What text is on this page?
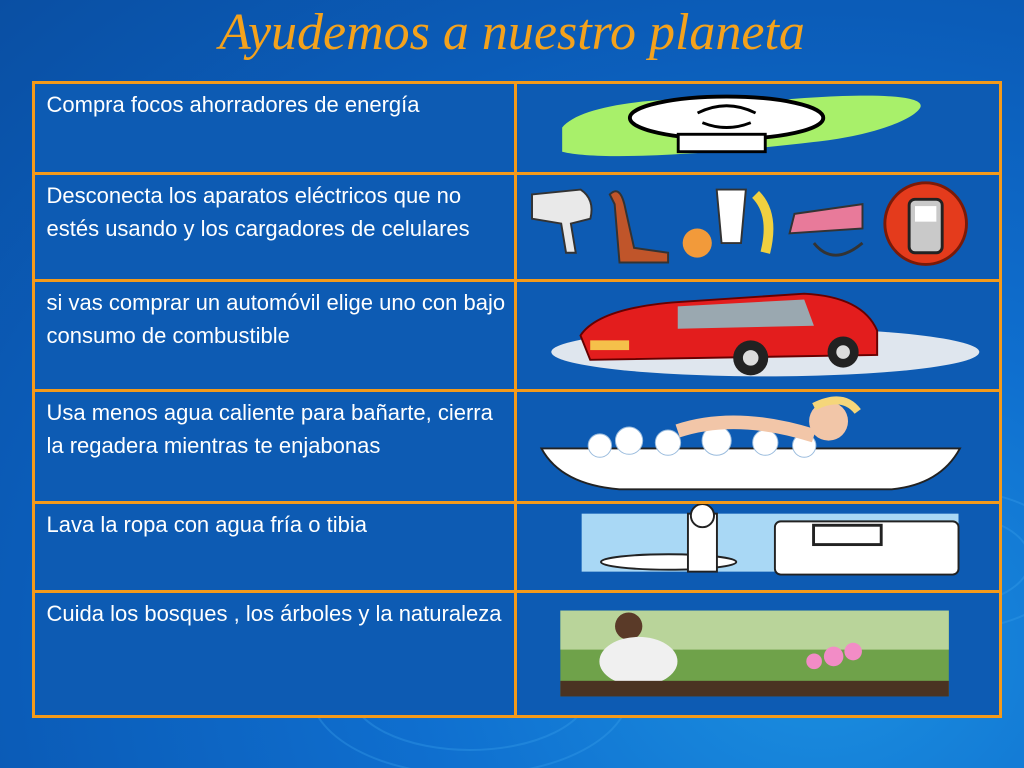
Ayudemos a nuestro planeta
Compra focos ahorradores de energía
Desconecta los aparatos eléctricos que no estés usando y los cargadores de celulares
si vas comprar un automóvil elige uno con bajo consumo de combustible
Usa menos agua caliente para bañarte, cierra la regadera mientras te enjabonas
Lava la ropa con agua fría o tibia
Cuida los bosques , los árboles y la naturaleza
